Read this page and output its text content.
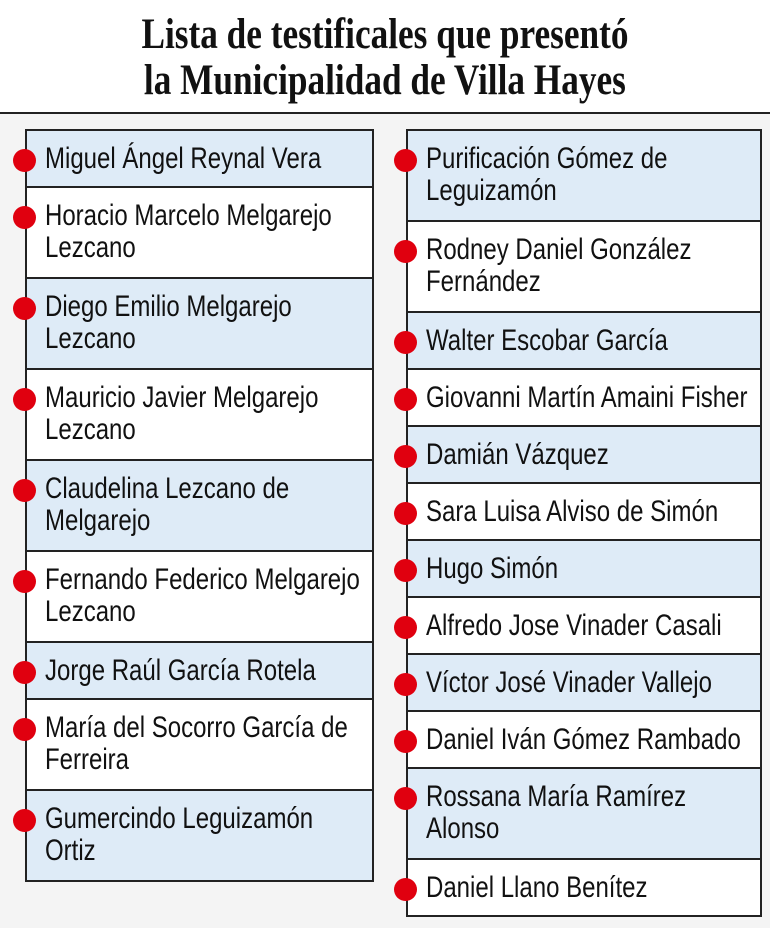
Lista de testificales que presentó
la Municipalidad de Villa Hayes
Miguel Ángel Reynal Vera
Horacio Marcelo Melgarejo
Lezcano
Diego Emilio Melgarejo
Lezcano
Mauricio Javier Melgarejo
Lezcano
Claudelina Lezcano de
Melgarejo
Fernando Federico Melgarejo
Lezcano
Jorge Raúl García Rotela
María del Socorro García de
Ferreira
Gumercindo Leguizamón
Ortiz
Purificación Gómez de
Leguizamón
Rodney Daniel González
Fernández
Walter Escobar García
Giovanni Martín Amaini Fisher
Damián Vázquez
Sara Luisa Alviso de Simón
Hugo Simón
Alfredo Jose Vinader Casali
Víctor José Vinader Vallejo
Daniel Iván Gómez Rambado
Rossana María Ramírez
Alonso
Daniel Llano Benítez
